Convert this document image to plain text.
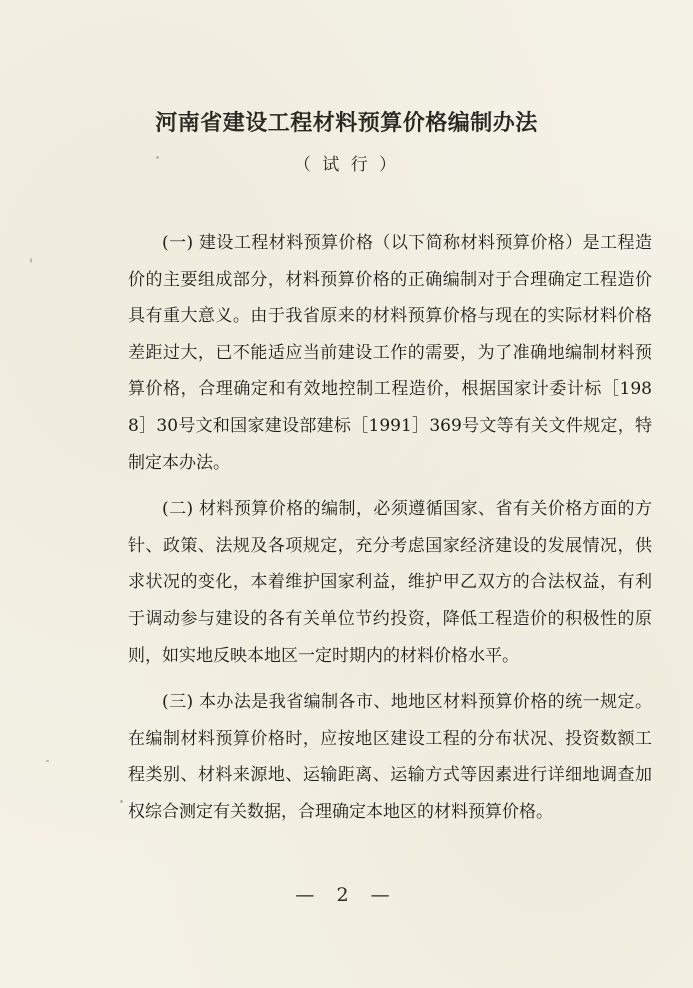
河南省建设工程材料预算价格编制办法
（ 试 行 ）

(一) 建设工程材料预算价格（以下简称材料预算价格）是工程造价的主要组成部分，材料预算价格的正确编制对于合理确定工程造价具有重大意义。由于我省原来的材料预算价格与现在的实际材料价格差距过大，已不能适应当前建设工作的需要，为了准确地编制材料预算价格，合理确定和有效地控制工程造价，根据国家计委计标［1988］30号文和国家建设部建标［1991］369号文等有关文件规定，特制定本办法。

(二) 材料预算价格的编制，必须遵循国家、省有关价格方面的方针、政策、法规及各项规定，充分考虑国家经济建设的发展情况，供求状况的变化，本着维护国家利益，维护甲乙双方的合法权益，有利于调动参与建设的各有关单位节约投资，降低工程造价的积极性的原则，如实地反映本地区一定时期内的材料价格水平。

(三) 本办法是我省编制各市、地地区材料预算价格的统一规定。在编制材料预算价格时，应按地区建设工程的分布状况、投资数额工程类别、材料来源地、运输距离、运输方式等因素进行详细地调查加权综合测定有关数据，合理确定本地区的材料预算价格。

— 2 —
